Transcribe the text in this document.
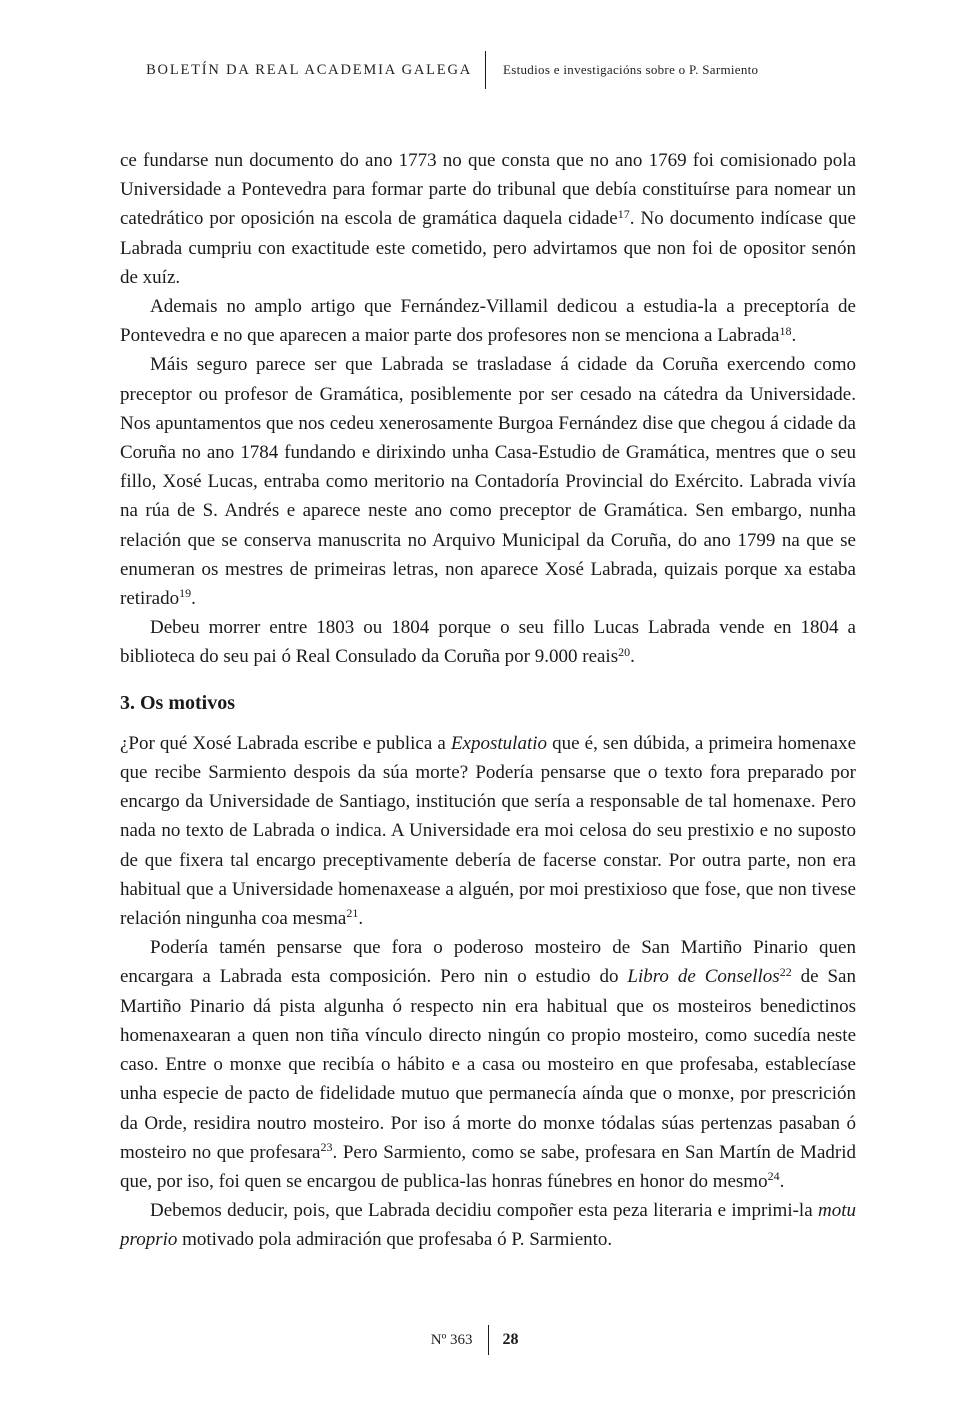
BOLETÍN DA REAL ACADEMIA GALEGA	Estudios e investigacións sobre o P. Sarmiento

ce fundarse nun documento do ano 1773 no que consta que no ano 1769 foi comisionado pola Universidade a Pontevedra para formar parte do tribunal que debía constituírse para nomear un catedrático por oposición na escola de gramática daquela cidade$^{17}$. No documento indícase que Labrada cumpriu con exactitude este cometido, pero advirtamos que non foi de opositor senón de xuíz.

Ademais no amplo artigo que Fernández-Villamil dedicou a estudia-la a preceptoría de Pontevedra e no que aparecen a maior parte dos profesores non se menciona a Labrada$^{18}$.

Máis seguro parece ser que Labrada se trasladase á cidade da Coruña exercendo como preceptor ou profesor de Gramática, posiblemente por ser cesado na cátedra da Universidade. Nos apuntamentos que nos cedeu xenerosamente Burgoa Fernández dise que chegou á cidade da Coruña no ano 1784 fundando e dirixindo unha Casa-Estudio de Gramática, mentres que o seu fillo, Xosé Lucas, entraba como meritorio na Contadoría Provincial do Exército. Labrada vivía na rúa de S. Andrés e aparece neste ano como preceptor de Gramática. Sen embargo, nunha relación que se conserva manuscrita no Arquivo Municipal da Coruña, do ano 1799 na que se enumeran os mestres de primeiras letras, non aparece Xosé Labrada, quizais porque xa estaba retirado$^{19}$.

Debeu morrer entre 1803 ou 1804 porque o seu fillo Lucas Labrada vende en 1804 a biblioteca do seu pai ó Real Consulado da Coruña por 9.000 reais$^{20}$.

3. Os motivos

¿Por qué Xosé Labrada escribe e publica a Expostulatio que é, sen dúbida, a primeira homenaxe que recibe Sarmiento despois da súa morte? Podería pensarse que o texto fora preparado por encargo da Universidade de Santiago, institución que sería a responsable de tal homenaxe. Pero nada no texto de Labrada o indica. A Universidade era moi celosa do seu prestixio e no suposto de que fixera tal encargo preceptivamente debería de facerse constar. Por outra parte, non era habitual que a Universidade homenaxease a alguén, por moi prestixioso que fose, que non tivese relación ningunha coa mesma$^{21}$.

Podería tamén pensarse que fora o poderoso mosteiro de San Martiño Pinario quen encargara a Labrada esta composición. Pero nin o estudio do Libro de Consellos$^{22}$ de San Martiño Pinario dá pista algunha ó respecto nin era habitual que os mosteiros benedictinos homenaxearan a quen non tiña vínculo directo ningún co propio mosteiro, como sucedía neste caso. Entre o monxe que recibía o hábito e a casa ou mosteiro en que profesaba, establecíase unha especie de pacto de fidelidade mutuo que permanecía aínda que o monxe, por prescrición da Orde, residira noutro mosteiro. Por iso á morte do monxe tódalas súas pertenzas pasaban ó mosteiro no que profesara$^{23}$. Pero Sarmiento, como se sabe, profesara en San Martín de Madrid que, por iso, foi quen se encargou de publica-las honras fúnebres en honor do mesmo$^{24}$.

Debemos deducir, pois, que Labrada decidiu compoñer esta peza literaria e imprimi-la motu proprio motivado pola admiración que profesaba ó P. Sarmiento.

Nº 363	28
